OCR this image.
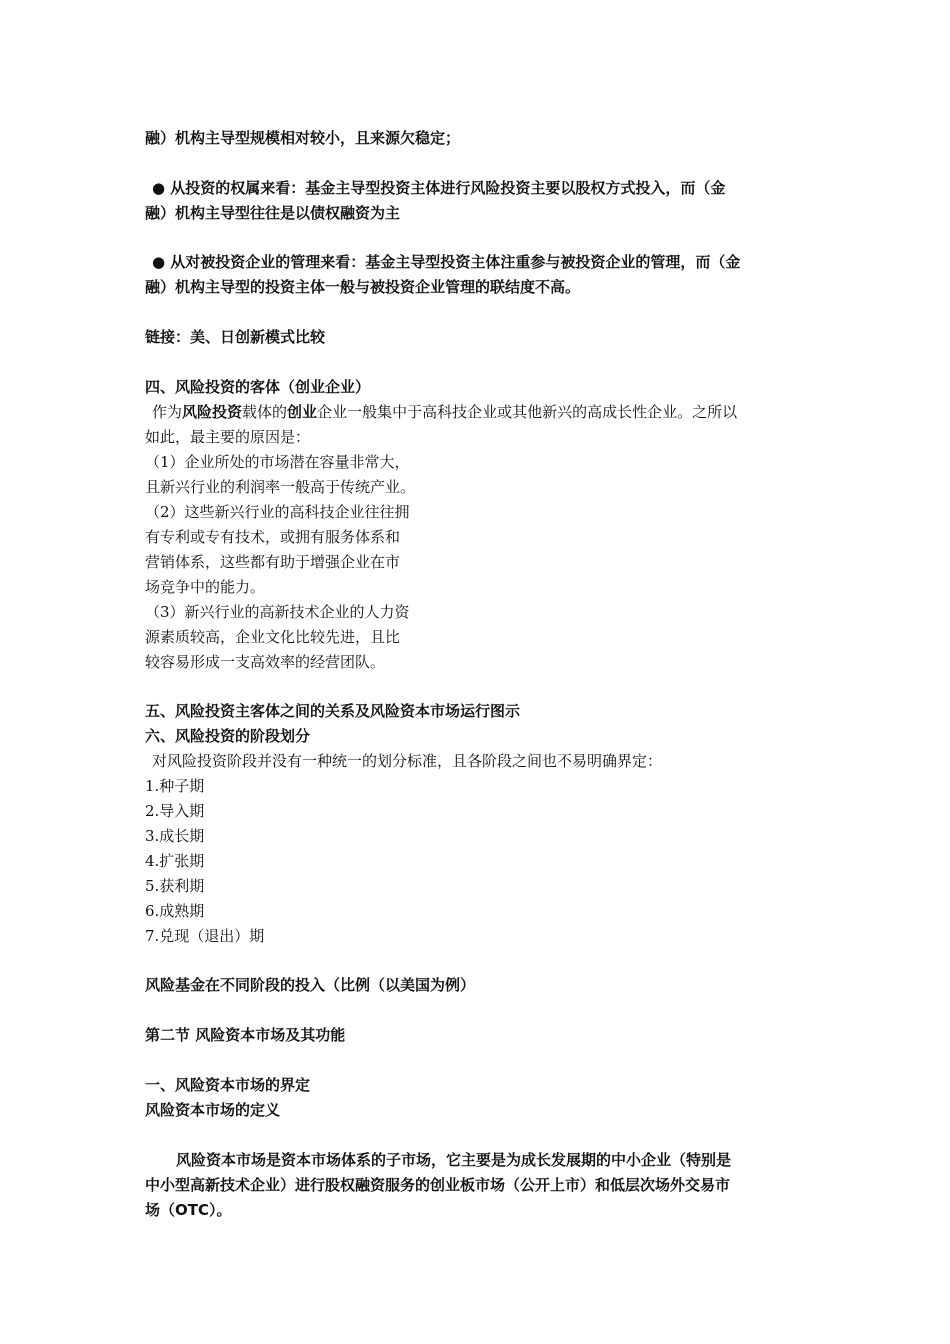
融）机构主导型规模相对较小，且来源欠稳定；
● 从投资的权属来看：基金主导型投资主体进行风险投资主要以股权方式投入，而（金
融）机构主导型往往是以债权融资为主
● 从对被投资企业的管理来看：基金主导型投资主体注重参与被投资企业的管理，而（金
融）机构主导型的投资主体一般与被投资企业管理的联结度不高。
链接：美、日创新模式比较
四、风险投资的客体（创业企业）
作为风险投资载体的创业企业一般集中于高科技企业或其他新兴的高成长性企业。之所以
如此，最主要的原因是：
（1）企业所处的市场潜在容量非常大，
且新兴行业的利润率一般高于传统产业。
（2）这些新兴行业的高科技企业往往拥
有专利或专有技术，或拥有服务体系和
营销体系，这些都有助于增强企业在市
场竞争中的能力。
（3）新兴行业的高新技术企业的人力资
源素质较高，企业文化比较先进，且比
较容易形成一支高效率的经营团队。
五、风险投资主客体之间的关系及风险资本市场运行图示
六、风险投资的阶段划分
对风险投资阶段并没有一种统一的划分标准，且各阶段之间也不易明确界定：
1.种子期
2.导入期
3.成长期
4.扩张期
5.获利期
6.成熟期
7.兑现（退出）期
风险基金在不同阶段的投入（比例（以美国为例）
第二节 风险资本市场及其功能
一、风险资本市场的界定
风险资本市场的定义
风险资本市场是资本市场体系的子市场，它主要是为成长发展期的中小企业（特别是
中小型高新技术企业）进行股权融资服务的创业板市场（公开上市）和低层次场外交易市
场（OTC）。
